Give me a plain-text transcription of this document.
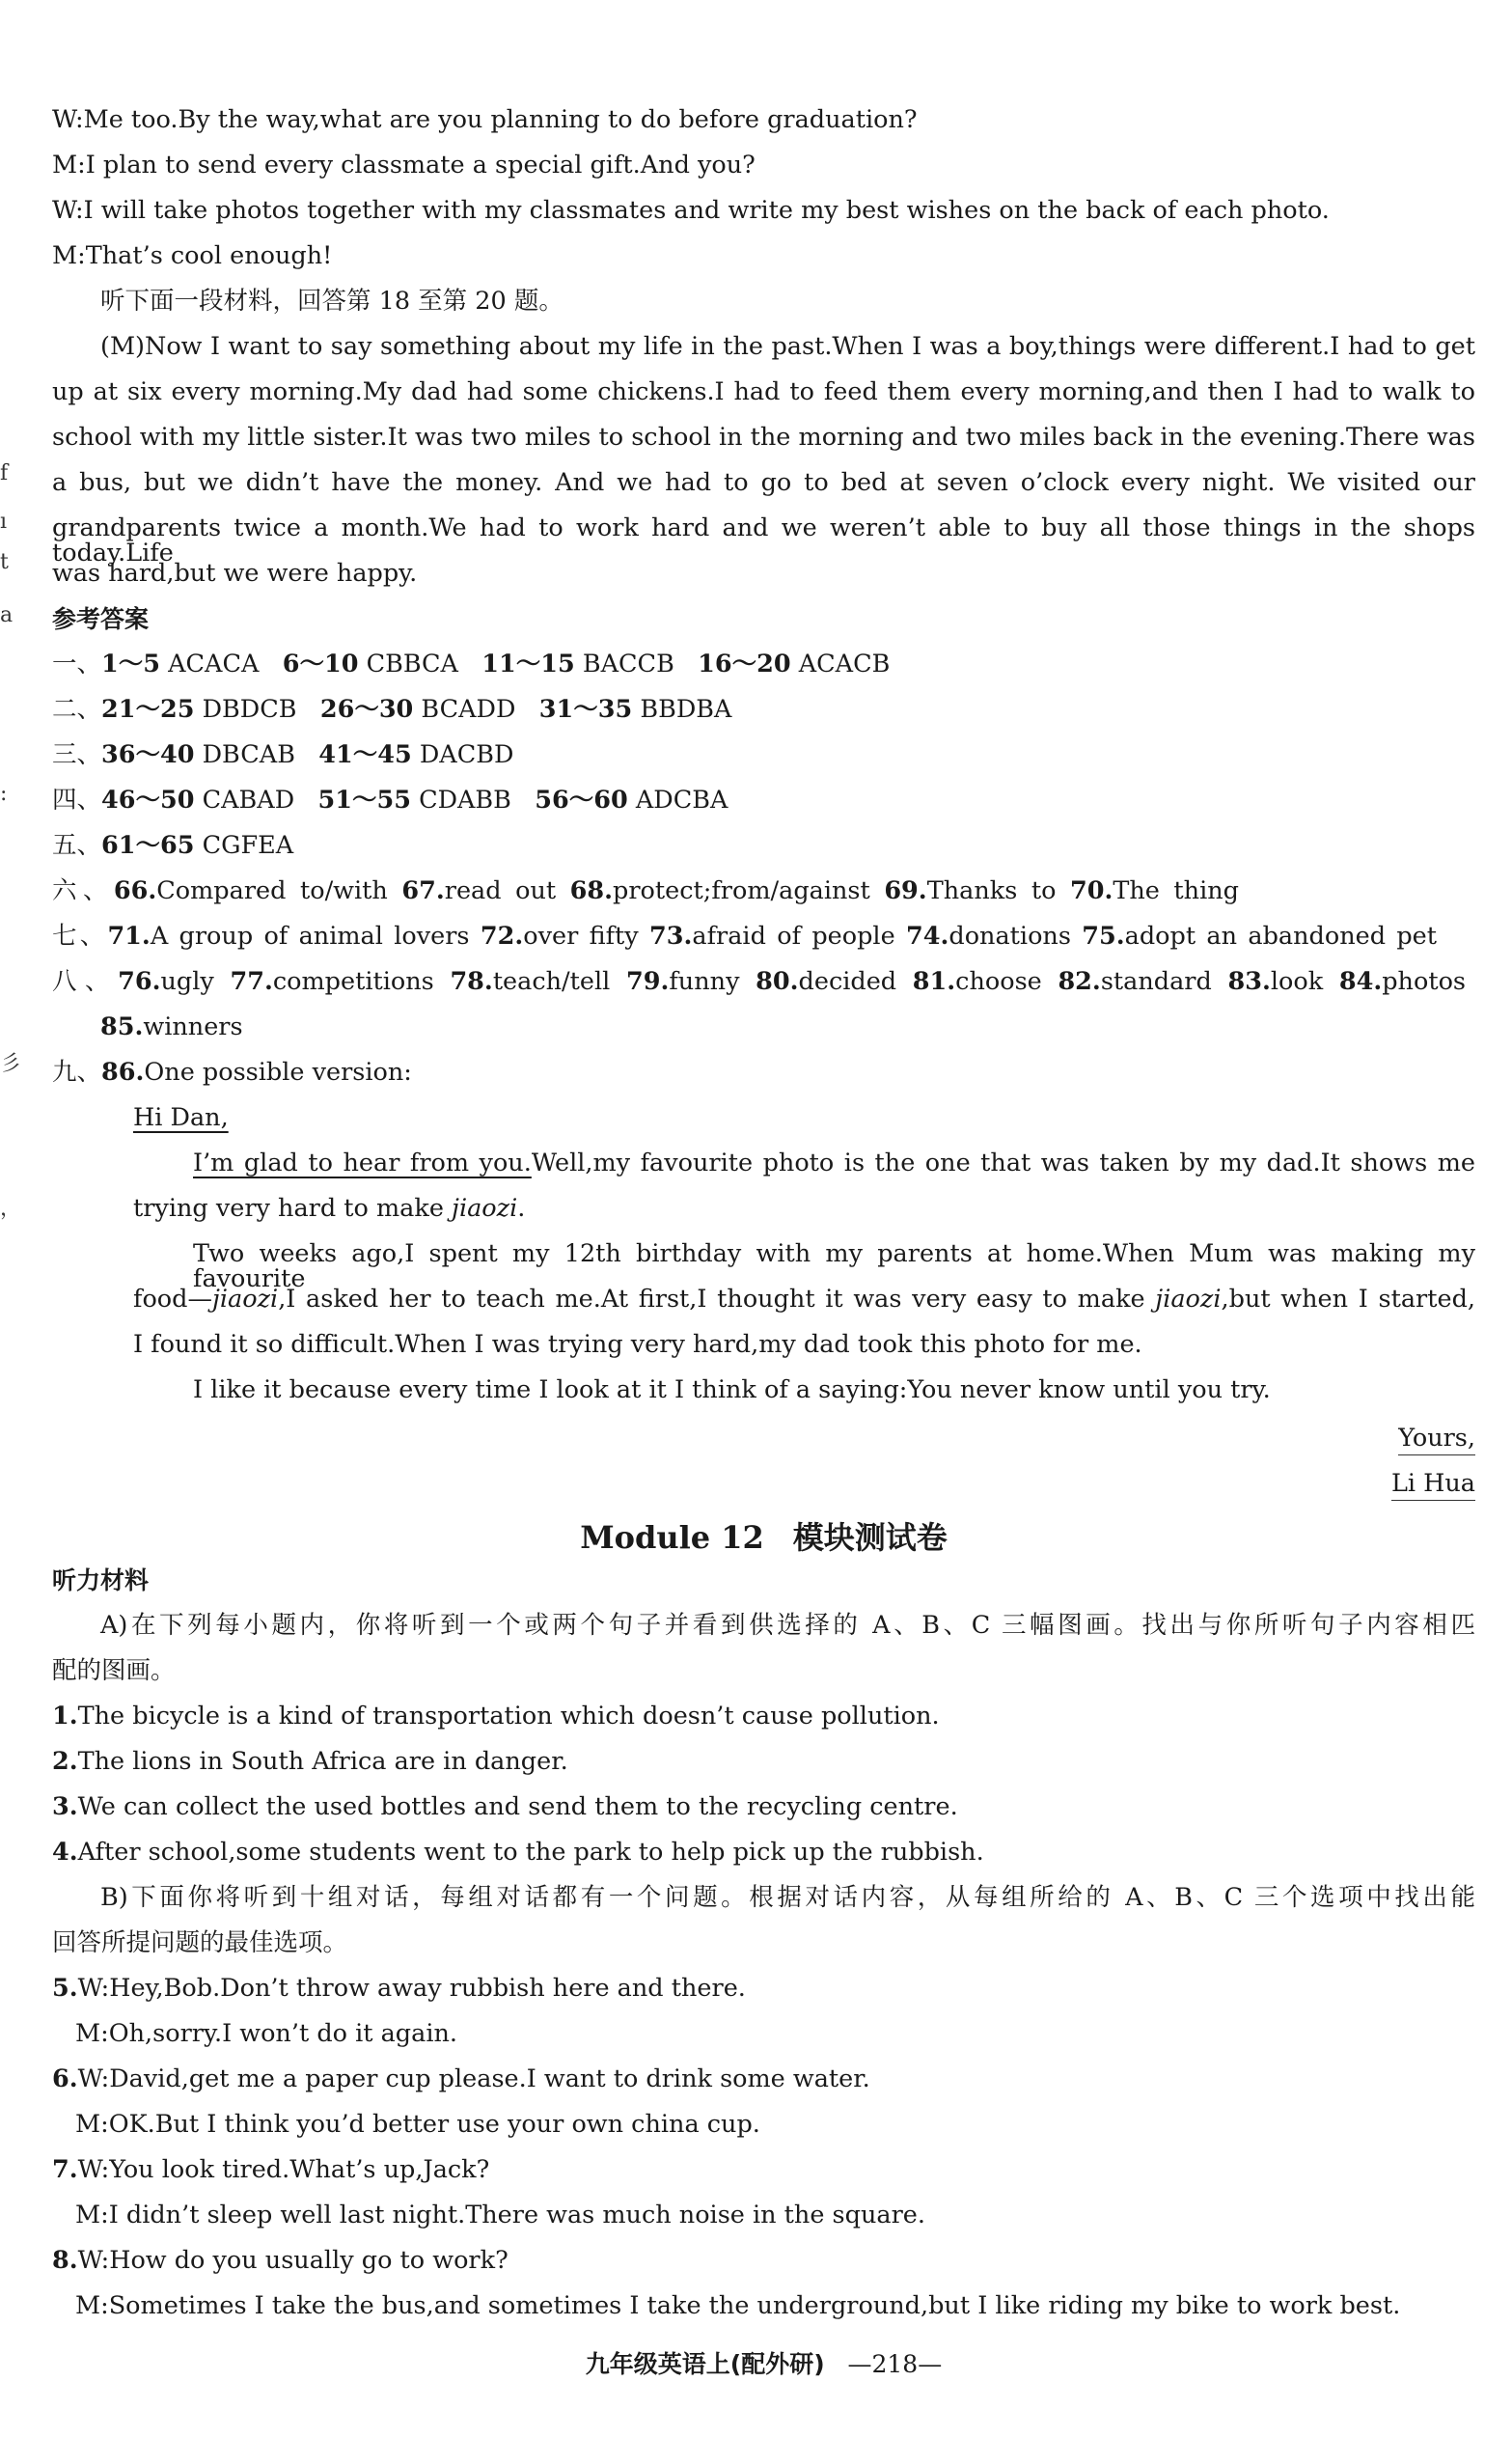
f
ı
t
a
:
彡
，
W:Me too.By the way,what are you planning to do before graduation?
M:I plan to send every classmate a special gift.And you?
W:I will take photos together with my classmates and write my best wishes on the back of each photo.
M:That’s cool enough!
听下面一段材料，回答第 18 至第 20 题。
(M)Now I want to say something about my life in the past.When I was a boy,things were different.I had to get
up at six every morning.My dad had some chickens.I had to feed them every morning,and then I had to walk to
school with my little sister.It was two miles to school in the morning and two miles back in the evening.There was
a bus, but we didn’t have the money. And we had to go to bed at seven o’clock every night. We visited our
grandparents twice a month.We had to work hard and we weren’t able to buy all those things in the shops today.Life
was hard,but we were happy.
参考答案
一、1～5 ACACA 6～10 CBBCA 11～15 BACCB 16～20 ACACB
二、21～25 DBDCB 26～30 BCADD 31～35 BBDBA
三、36～40 DBCAB 41～45 DACBD
四、46～50 CABAD 51～55 CDABB 56～60 ADCBA
五、61～65 CGFEA
六、66.Compared to/with 67.read out 68.protect;from/against 69.Thanks to 70.The thing
七、71.A group of animal lovers 72.over fifty 73.afraid of people 74.donations 75.adopt an abandoned pet
八、76.ugly 77.competitions 78.teach/tell 79.funny 80.decided 81.choose 82.standard 83.look 84.photos
85.winners
九、86.One possible version:
Hi Dan,
I’m glad to hear from you.Well,my favourite photo is the one that was taken by my dad.It shows me
trying very hard to make jiaozi.
Two weeks ago,I spent my 12th birthday with my parents at home.When Mum was making my favourite
food—jiaozi,I asked her to teach me.At first,I thought it was very easy to make jiaozi,but when I started,
I found it so difficult.When I was trying very hard,my dad took this photo for me.
I like it because every time I look at it I think of a saying:You never know until you try.
Yours,
Li Hua
Module 12 模块测试卷
听力材料
A)在下列每小题内，你将听到一个或两个句子并看到供选择的 A、B、C 三幅图画。找出与你所听句子内容相匹
配的图画。
1.The bicycle is a kind of transportation which doesn’t cause pollution.
2.The lions in South Africa are in danger.
3.We can collect the used bottles and send them to the recycling centre.
4.After school,some students went to the park to help pick up the rubbish.
B)下面你将听到十组对话，每组对话都有一个问题。根据对话内容，从每组所给的 A、B、C 三个选项中找出能
回答所提问题的最佳选项。
5.W:Hey,Bob.Don’t throw away rubbish here and there.
M:Oh,sorry.I won’t do it again.
6.W:David,get me a paper cup please.I want to drink some water.
M:OK.But I think you’d better use your own china cup.
7.W:You look tired.What’s up,Jack?
M:I didn’t sleep well last night.There was much noise in the square.
8.W:How do you usually go to work?
M:Sometimes I take the bus,and sometimes I take the underground,but I like riding my bike to work best.
九年级英语上(配外研) —218—
